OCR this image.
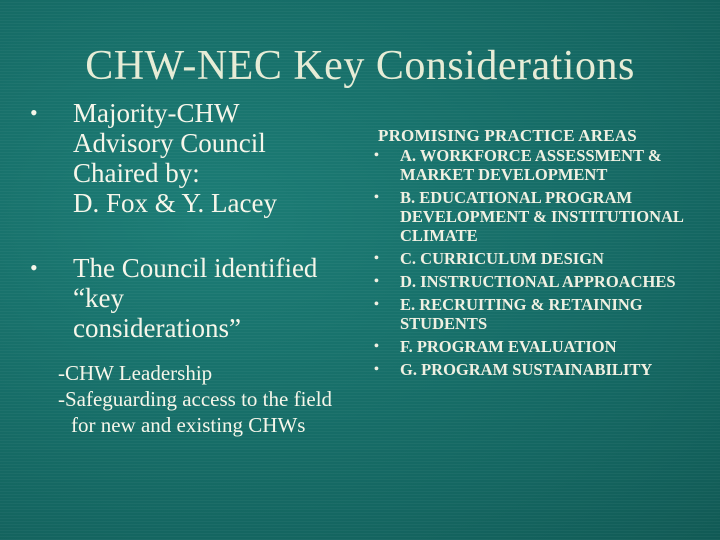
CHW-NEC Key Considerations
• Majority-CHW
Advisory Council
Chaired by:
D. Fox & Y. Lacey
• The Council identified
“key
considerations”
-CHW Leadership
-Safeguarding access to the field for new and existing CHWs
PROMISING PRACTICE AREAS
• A. WORKFORCE ASSESSMENT & MARKET DEVELOPMENT
• B. EDUCATIONAL PROGRAM DEVELOPMENT & INSTITUTIONAL CLIMATE
• C. CURRICULUM DESIGN
• D. INSTRUCTIONAL APPROACHES
• E. RECRUITING & RETAINING STUDENTS
• F. PROGRAM EVALUATION
• G. PROGRAM SUSTAINABILITY
